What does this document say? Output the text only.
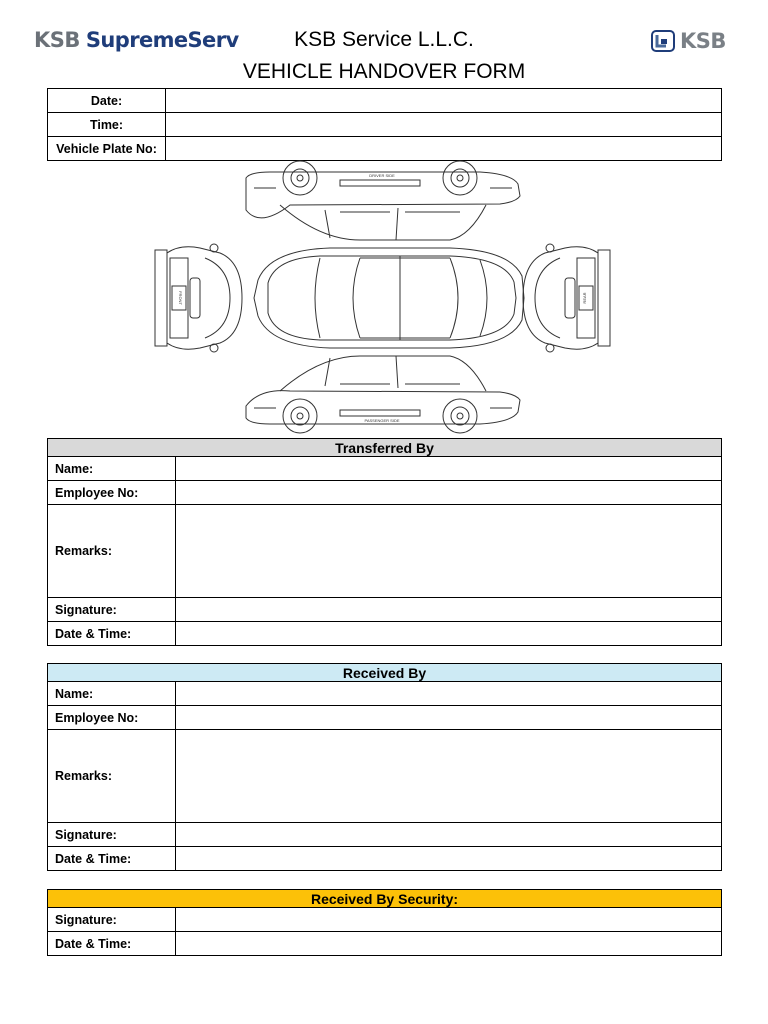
KSB SupremeServ	KSB Service L.L.C.
VEHICLE HANDOVER FORM
KSB
Date:	
Time:	
Vehicle Plate No:	
DRIVER SIDE
FRONT	REAR
PASSENGER SIDE
Transferred By	
Name:	
Employee No:	
Remarks:	
Signature:	
Date & Time:	
Received By	
Name:	
Employee No:	
Remarks:	
Signature:	
Date & Time:	
Received By Security:	
Signature:	
Date & Time:	
